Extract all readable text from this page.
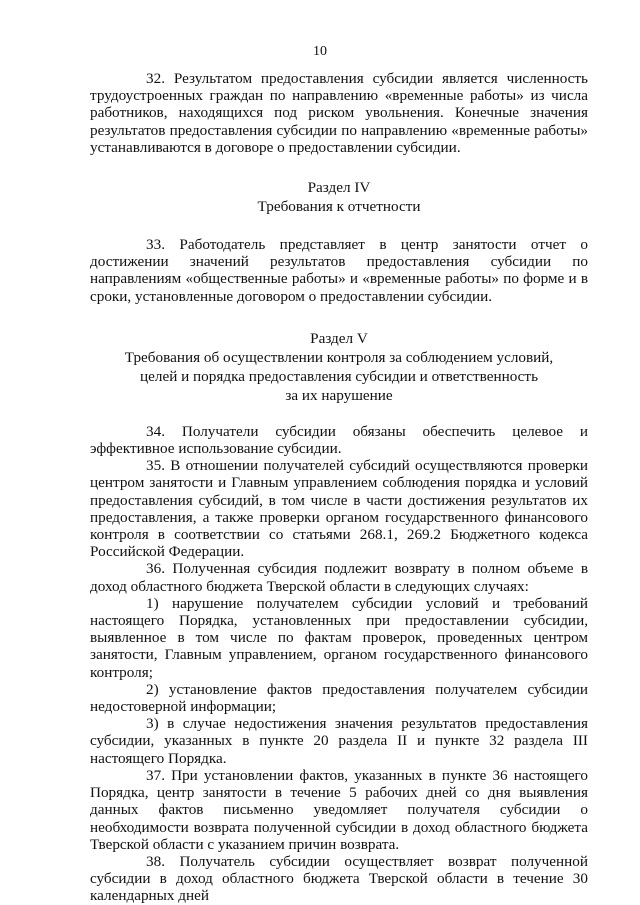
10

32. Результатом предоставления субсидии является численность трудоустроенных граждан по направлению «временные работы» из числа работников, находящихся под риском увольнения. Конечные значения результатов предоставления субсидии по направлению «временные работы» устанавливаются в договоре о предоставлении субсидии.

Раздел IV
Требования к отчетности

33. Работодатель представляет в центр занятости отчет о достижении значений результатов предоставления субсидии по направлениям «общественные работы» и «временные работы» по форме и в сроки, установленные договором о предоставлении субсидии.

Раздел V
Требования об осуществлении контроля за соблюдением условий,
целей и порядка предоставления субсидии и ответственность
за их нарушение

34. Получатели субсидии обязаны обеспечить целевое и эффективное использование субсидии.

35. В отношении получателей субсидий осуществляются проверки центром занятости и Главным управлением соблюдения порядка и условий предоставления субсидий, в том числе в части достижения результатов их предоставления, а также проверки органом государственного финансового контроля в соответствии со статьями 268.1, 269.2 Бюджетного кодекса Российской Федерации.

36. Полученная субсидия подлежит возврату в полном объеме в доход областного бюджета Тверской области в следующих случаях:

1) нарушение получателем субсидии условий и требований настоящего Порядка, установленных при предоставлении субсидии, выявленное в том числе по фактам проверок, проведенных центром занятости, Главным управлением, органом государственного финансового контроля;

2) установление фактов предоставления получателем субсидии недостоверной информации;

3) в случае недостижения значения результатов предоставления субсидии, указанных в пункте 20 раздела II и пункте 32 раздела III настоящего Порядка.

37. При установлении фактов, указанных в пункте 36 настоящего Порядка, центр занятости в течение 5 рабочих дней со дня выявления данных фактов письменно уведомляет получателя субсидии о необходимости возврата полученной субсидии в доход областного бюджета Тверской области с указанием причин возврата.

38. Получатель субсидии осуществляет возврат полученной субсидии в доход областного бюджета Тверской области в течение 30 календарных дней
